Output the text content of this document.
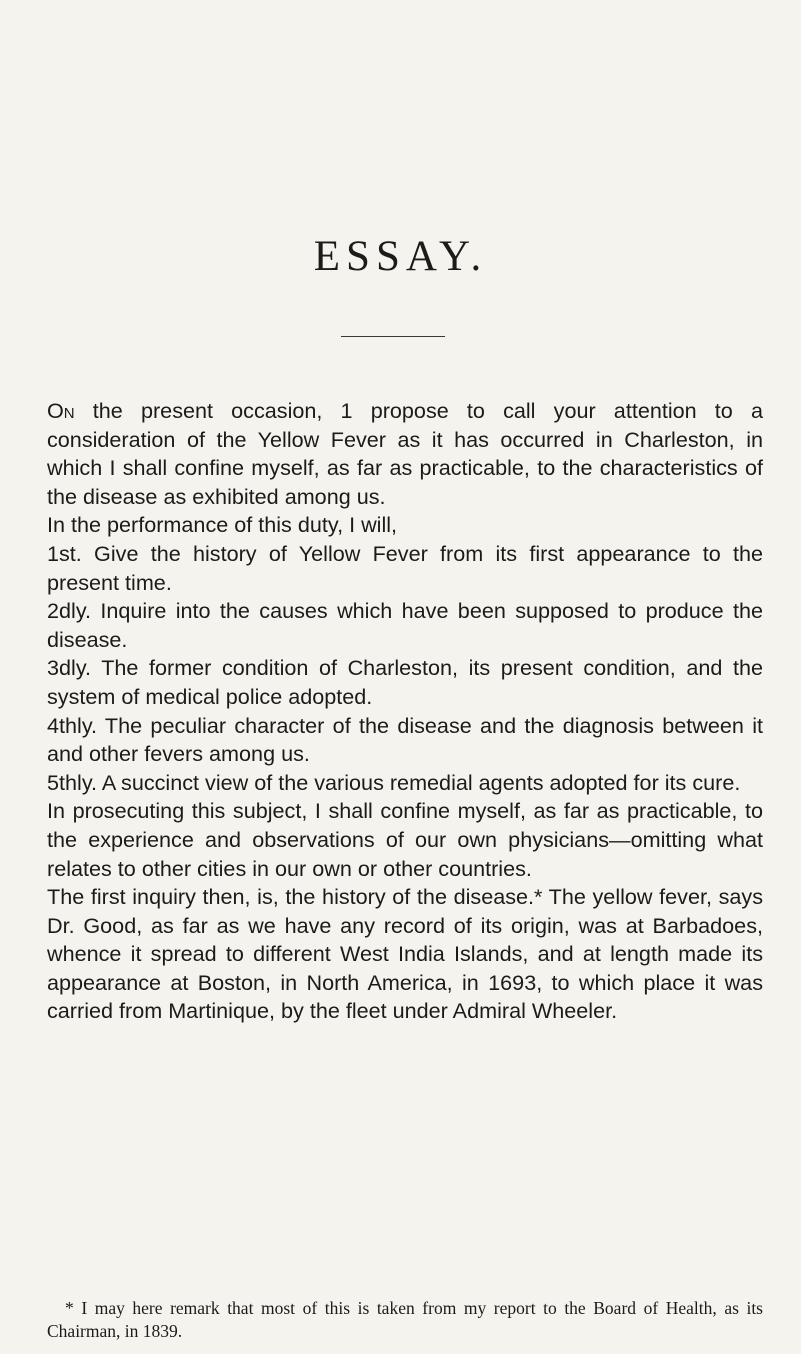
ESSAY.

On the present occasion, 1 propose to call your attention to a consideration of the Yellow Fever as it has occurred in Charleston, in which I shall confine myself, as far as practicable, to the characteristics of the disease as exhibited among us.

In the performance of this duty, I will,

1st. Give the history of Yellow Fever from its first appearance to the present time.

2dly. Inquire into the causes which have been supposed to produce the disease.

3dly. The former condition of Charleston, its present condition, and the system of medical police adopted.

4thly. The peculiar character of the disease and the diagnosis between it and other fevers among us.

5thly. A succinct view of the various remedial agents adopted for its cure.

In prosecuting this subject, I shall confine myself, as far as practicable, to the experience and observations of our own physicians—omitting what relates to other cities in our own or other countries.

The first inquiry then, is, the history of the disease.* The yellow fever, says Dr. Good, as far as we have any record of its origin, was at Barbadoes, whence it spread to different West India Islands, and at length made its appearance at Boston, in North America, in 1693, to which place it was carried from Martinique, by the fleet under Admiral Wheeler.

* I may here remark that most of this is taken from my report to the Board of Health, as its Chairman, in 1839.
